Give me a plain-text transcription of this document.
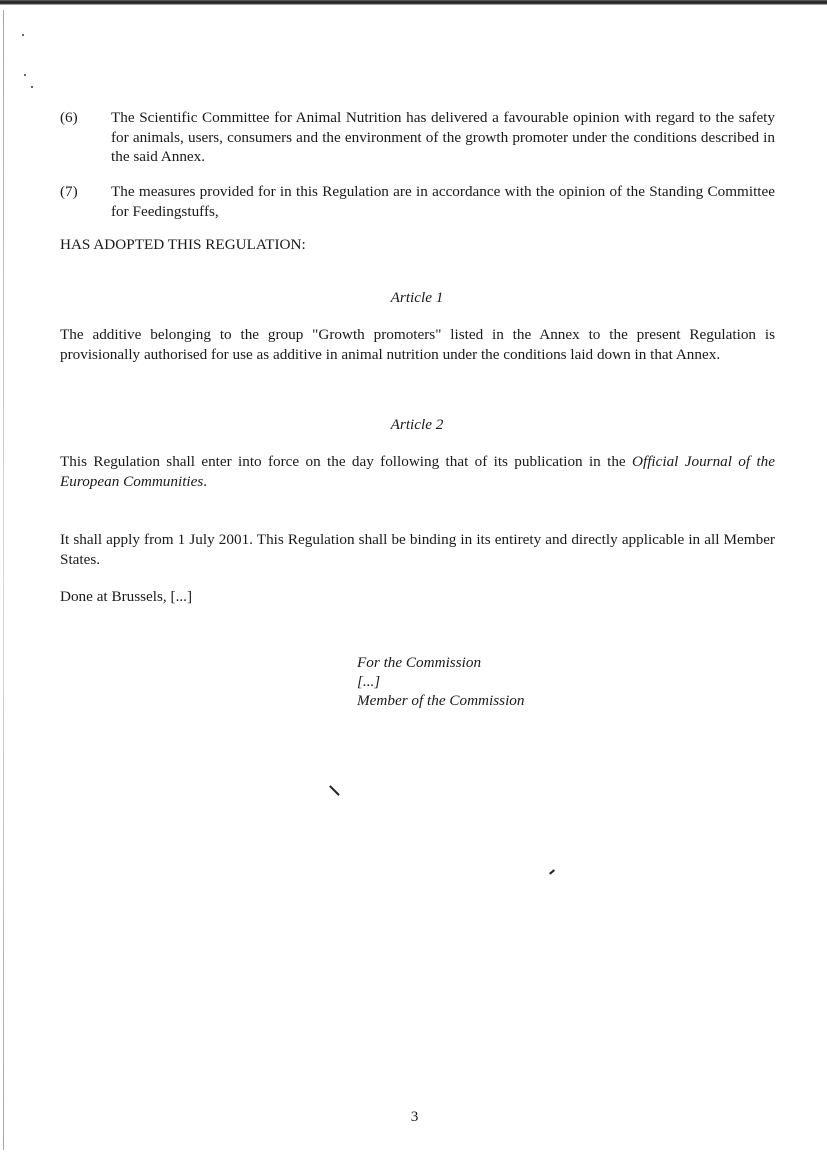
(6) The Scientific Committee for Animal Nutrition has delivered a favourable opinion with regard to the safety for animals, users, consumers and the environment of the growth promoter under the conditions described in the said Annex.
(7) The measures provided for in this Regulation are in accordance with the opinion of the Standing Committee for Feedingstuffs,
HAS ADOPTED THIS REGULATION:
Article 1
The additive belonging to the group "Growth promoters" listed in the Annex to the present Regulation is provisionally authorised for use as additive in animal nutrition under the conditions laid down in that Annex.
Article 2
This Regulation shall enter into force on the day following that of its publication in the Official Journal of the European Communities.
It shall apply from 1 July 2001. This Regulation shall be binding in its entirety and directly applicable in all Member States.
Done at Brussels, [...]
For the Commission
[...]
Member of the Commission
3
